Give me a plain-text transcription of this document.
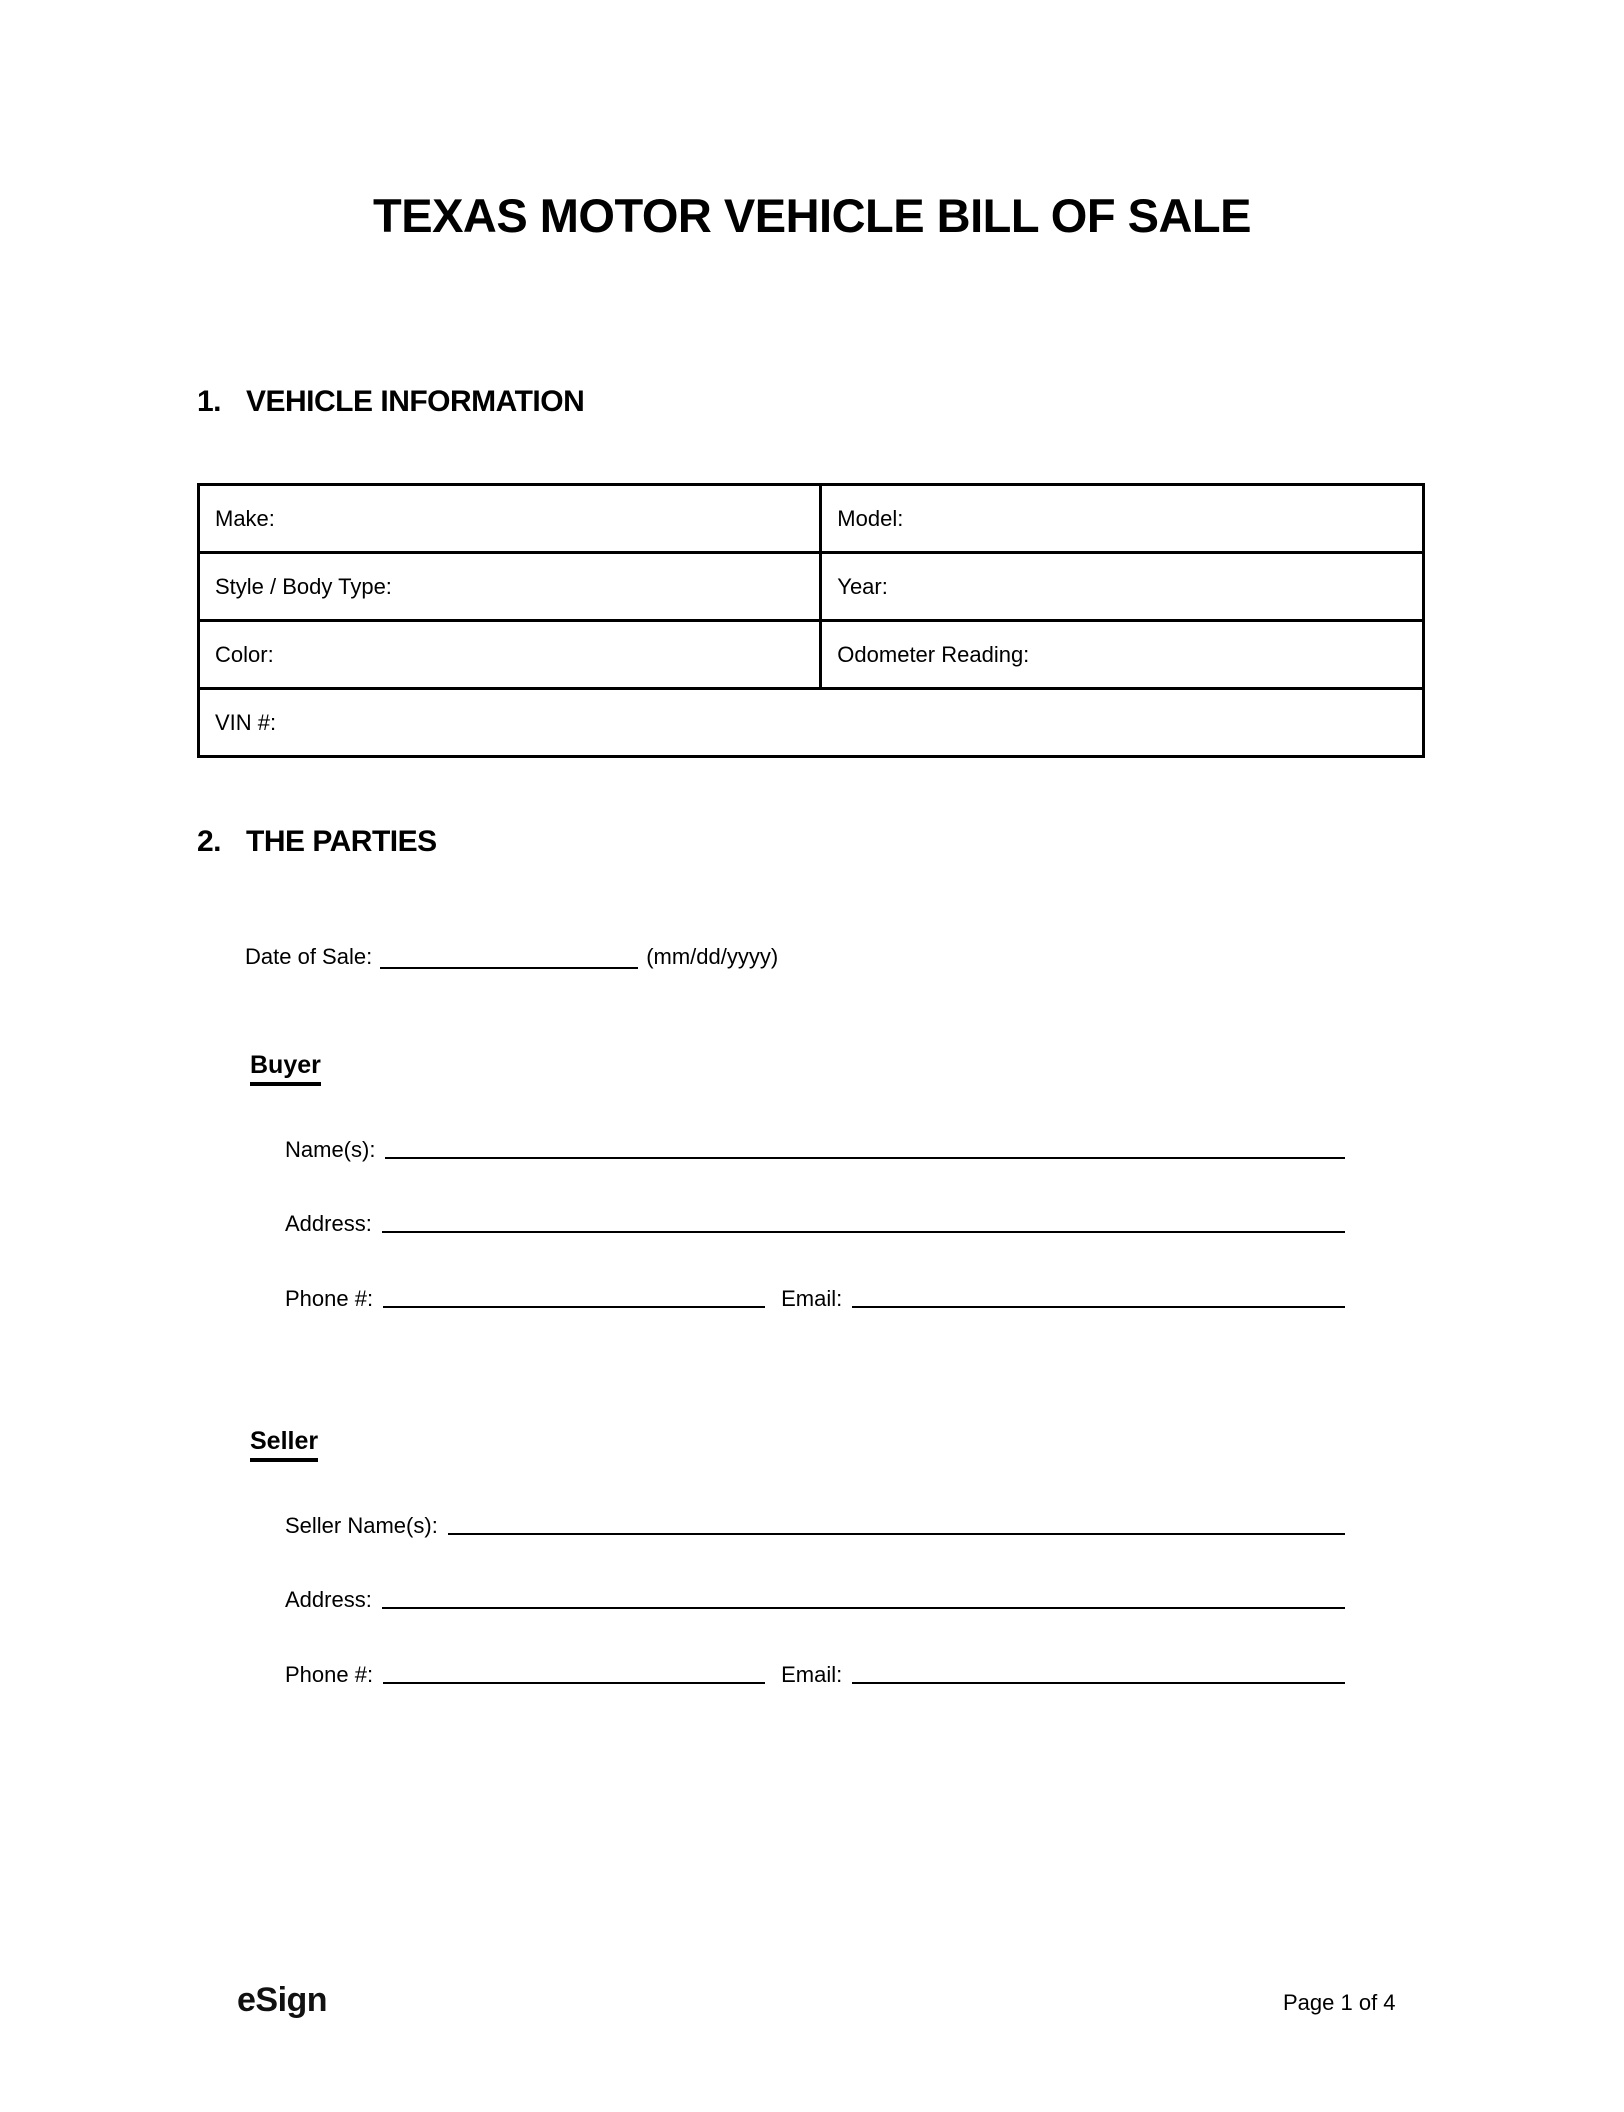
TEXAS MOTOR VEHICLE BILL OF SALE
1. VEHICLE INFORMATION
Make:	Model:
Style / Body Type:	Year:
Color:	Odometer Reading:
VIN #:	
2. THE PARTIES
Date of Sale:	(mm/dd/yyyy)
Buyer
Name(s):
Address:
Phone #:	Email:
Seller
Seller Name(s):
Address:
Phone #:	Email:
eSign	Page 1 of 4
